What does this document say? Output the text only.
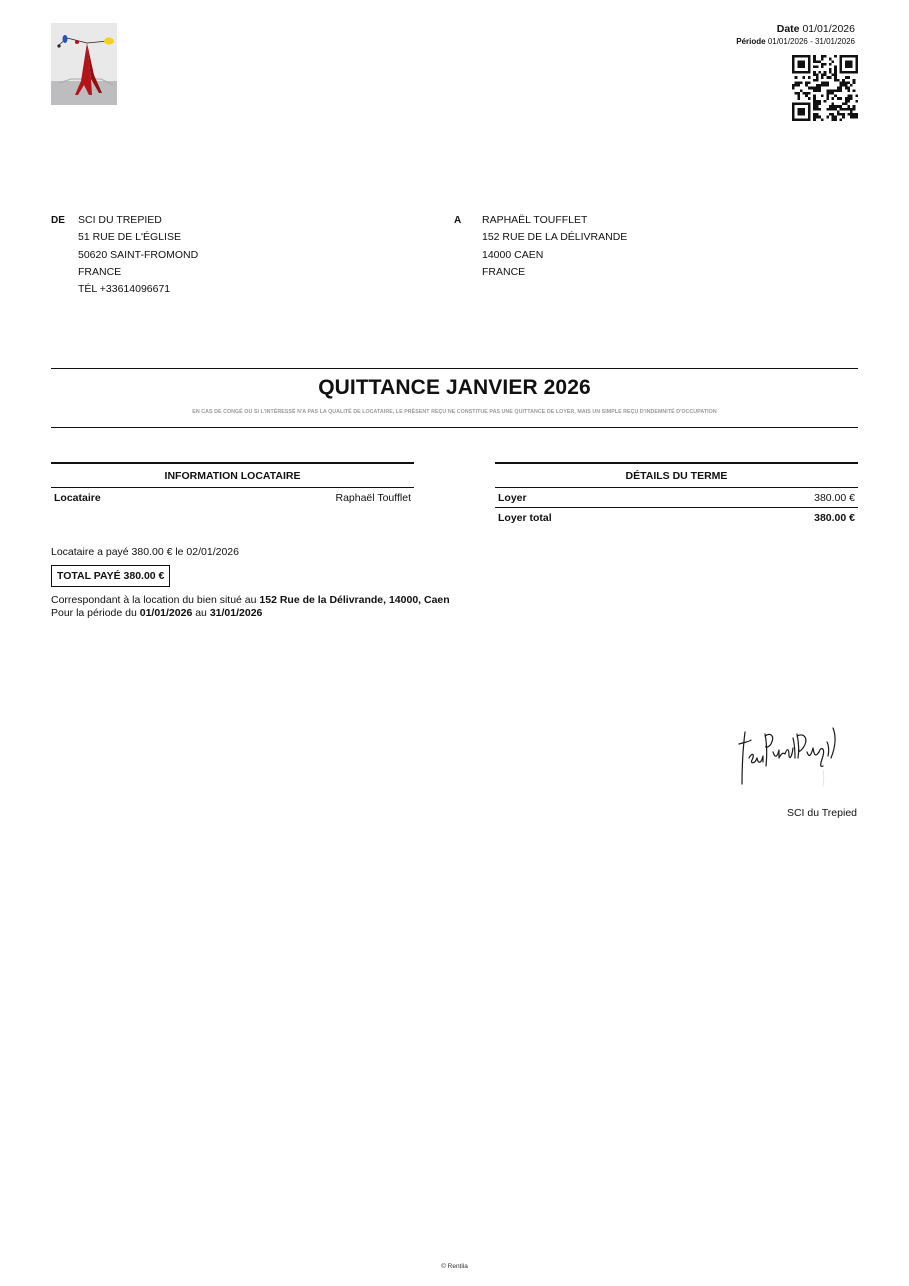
Date 01/01/2026
Période 01/01/2026 - 31/01/2026
DE SCI DU TREPIED
51 RUE DE L'ÉGLISE
50620 SAINT-FROMOND
FRANCE
TÉL +33614096671
A RAPHAËL TOUFFLET
152 RUE DE LA DÉLIVRANDE
14000 CAEN
FRANCE
QUITTANCE JANVIER 2026
EN CAS DE CONGÉ OU SI L'INTÉRESSÉ N'A PAS LA QUALITÉ DE LOCATAIRE, LE PRÉSENT REÇU NE CONSTITUE PAS UNE QUITTANCE DE LOYER, MAIS UN SIMPLE REÇU D'INDEMNITÉ D'OCCUPATION
INFORMATION LOCATAIRE
Locataire	Raphaël Toufflet
DÉTAILS DU TERME
Loyer	380.00 €
Loyer total	380.00 €
Locataire a payé 380.00 € le 02/01/2026
TOTAL PAYÉ 380.00 €
Correspondant à la location du bien situé au 152 Rue de la Délivrande, 14000, Caen
Pour la période du 01/01/2026 au 31/01/2026
SCI du Trepied
© Rentila
